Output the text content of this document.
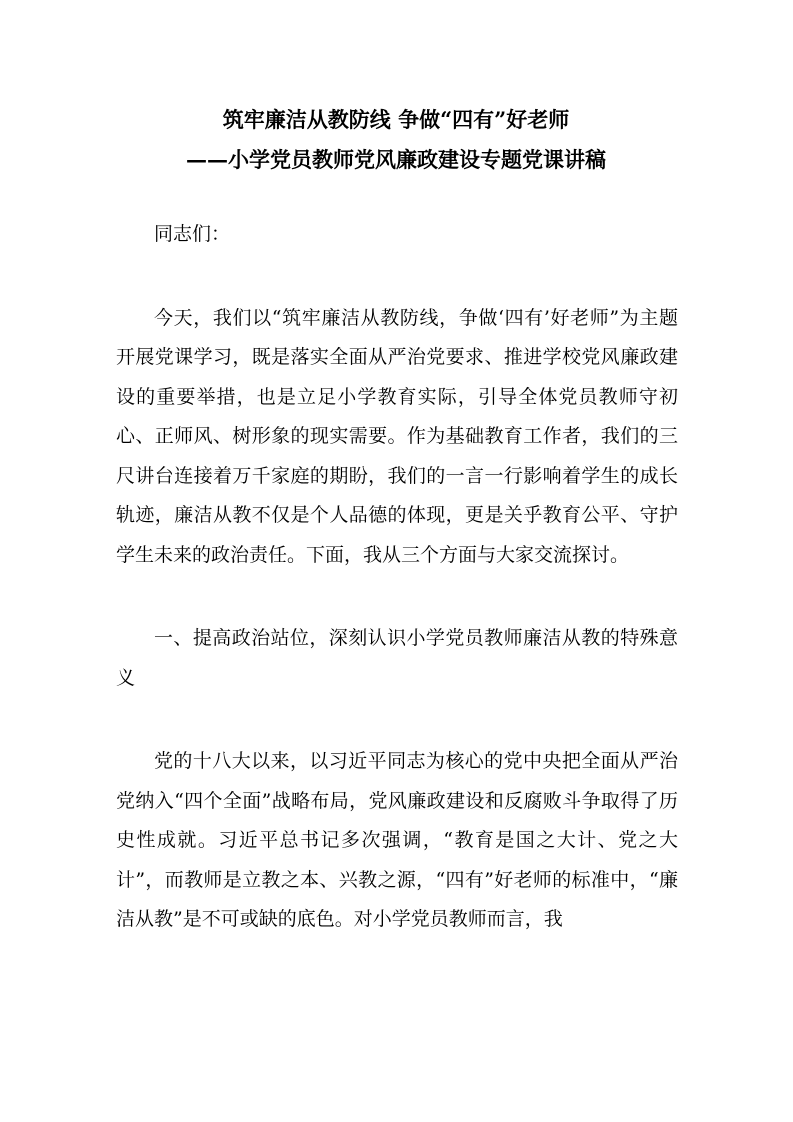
筑牢廉洁从教防线 争做“四有”好老师
——小学党员教师党风廉政建设专题党课讲稿

同志们：

今天，我们以“筑牢廉洁从教防线，争做‘四有’好老师”为主题开展党课学习，既是落实全面从严治党要求、推进学校党风廉政建设的重要举措，也是立足小学教育实际，引导全体党员教师守初心、正师风、树形象的现实需要。作为基础教育工作者，我们的三尺讲台连接着万千家庭的期盼，我们的一言一行影响着学生的成长轨迹，廉洁从教不仅是个人品德的体现，更是关乎教育公平、守护学生未来的政治责任。下面，我从三个方面与大家交流探讨。

一、提高政治站位，深刻认识小学党员教师廉洁从教的特殊意义

党的十八大以来，以习近平同志为核心的党中央把全面从严治党纳入“四个全面”战略布局，党风廉政建设和反腐败斗争取得了历史性成就。习近平总书记多次强调，“教育是国之大计、党之大计”，而教师是立教之本、兴教之源，“四有”好老师的标准中，“廉洁从教”是不可或缺的底色。对小学党员教师而言，我
